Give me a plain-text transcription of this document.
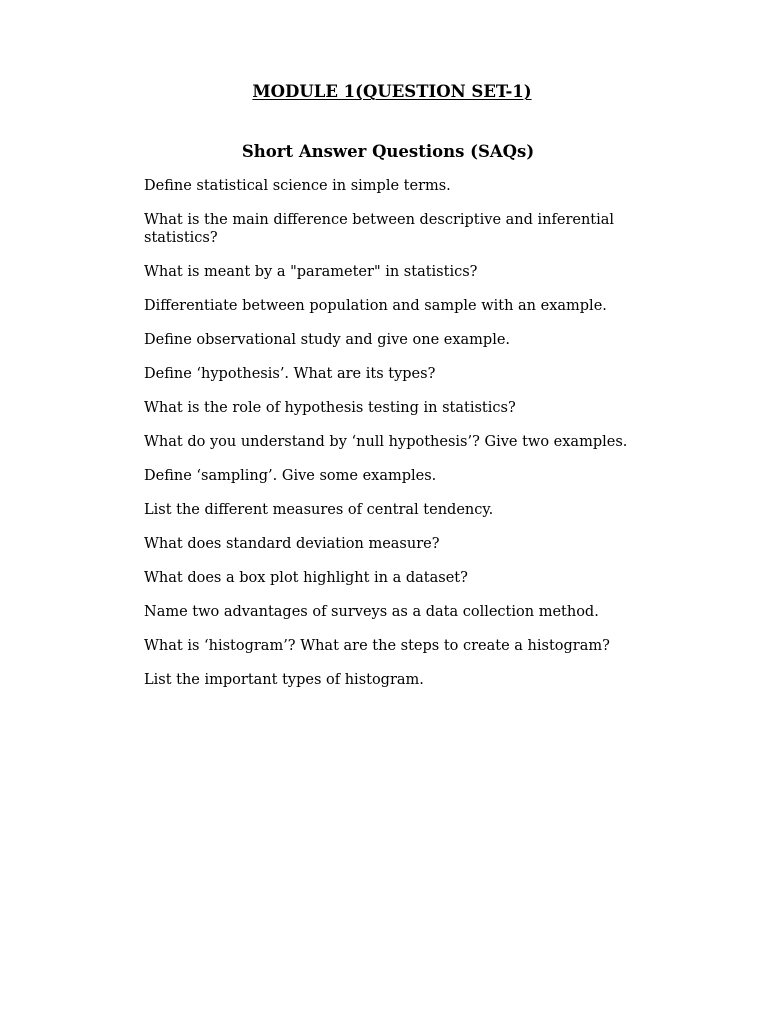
MODULE 1(QUESTION SET-1)
Short Answer Questions (SAQs)
Define statistical science in simple terms.
What is the main difference between descriptive and inferential statistics?
What is meant by a "parameter" in statistics?
Differentiate between population and sample with an example.
Define observational study and give one example.
Define ‘hypothesis’. What are its types?
What is the role of hypothesis testing in statistics?
What do you understand by ‘null hypothesis’? Give two examples.
Define ‘sampling’. Give some examples.
List the different measures of central tendency.
What does standard deviation measure?
What does a box plot highlight in a dataset?
Name two advantages of surveys as a data collection method.
What is ‘histogram’? What are the steps to create a histogram?
List the important types of histogram.
